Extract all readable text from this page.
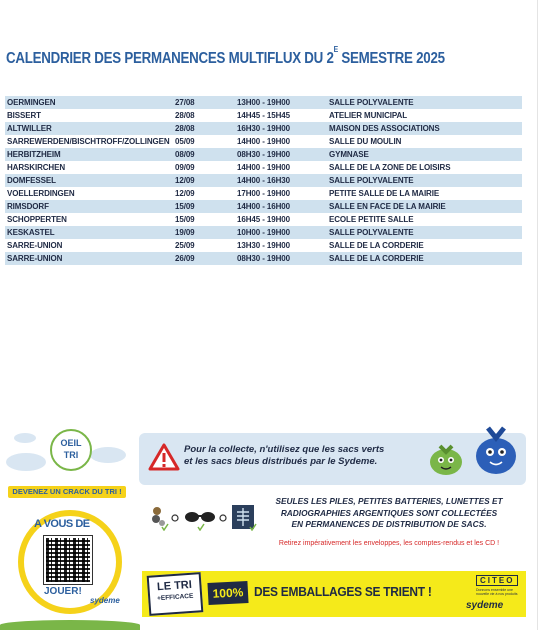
CALENDRIER DES PERMANENCES MULTIFLUX DU $2^E$ SEMESTRE 2025
OERMINGEN	27/08	13H00 - 19H00	SALLE POLYVALENTE
BISSERT	28/08	14H45 - 15H45	ATELIER MUNICIPAL
ALTWILLER	28/08	16H30 - 19H00	MAISON DES ASSOCIATIONS
SARREWERDEN/BISCHTROFF/ZOLLINGEN	05/09	14H00 - 19H00	SALLE DU MOULIN
HERBITZHEIM	08/09	08H30 - 19H00	GYMNASE
HARSKIRCHEN	09/09	14H00 - 19H00	SALLE DE LA ZONE DE LOISIRS
DOMFESSEL	12/09	14H00 - 16H30	SALLE POLYVALENTE
VOELLERDINGEN	12/09	17H00 - 19H00	PETITE SALLE DE LA MAIRIE
RIMSDORF	15/09	14H00 - 16H00	SALLE EN FACE DE LA MAIRIE
SCHOPPERTEN	15/09	16H45 - 19H00	ECOLE PETITE SALLE
KESKASTEL	19/09	10H00 - 19H00	SALLE POLYVALENTE
SARRE-UNION	25/09	13H30 - 19H00	SALLE DE LA CORDERIE
SARRE-UNION	26/09	08H30 - 19H00	SALLE DE LA CORDERIE
OEIL
TRI
DEVENEZ UN CRACK DU TRI !
A VOUS DE
JOUER!
sydeme
Pour la collecte, n'utilisez que les sacs verts
et les sacs bleus distribués par le Sydeme.
SEULES LES PILES, PETITES BATTERIES, LUNETTES ET
RADIOGRAPHIES ARGENTIQUES SONT COLLECTÉES
EN PERMANENCES DE DISTRIBUTION DE SACS.
Retirez impérativement les enveloppes, les comptes-rendus et les CD !
LE TRI
+EFFICACE	100% DES EMBALLAGES SE TRIENT !
CITEO
Donnons ensemble une nouvelle vie à nos produits
sydeme
